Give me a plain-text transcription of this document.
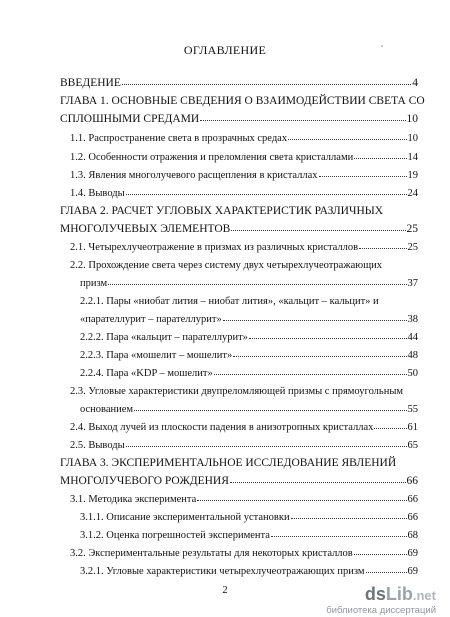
ОГЛАВЛЕНИЕ
ВВЕДЕНИЕ	4
ГЛАВА 1. ОСНОВНЫЕ СВЕДЕНИЯ О ВЗАИМОДЕЙСТВИИ СВЕТА СО
СПЛОШНЫМИ СРЕДАМИ	10
1.1. Распространение света в прозрачных средах	10
1.2. Особенности отражения и преломления света кристаллами	14
1.3. Явления многолучевого расщепления в кристаллах	19
1.4. Выводы	24
ГЛАВА 2. РАСЧЕТ УГЛОВЫХ ХАРАКТЕРИСТИК РАЗЛИЧНЫХ
МНОГОЛУЧЕВЫХ ЭЛЕМЕНТОВ	25
2.1. Четырехлучеотражение в призмах из различных кристаллов	25
2.2. Прохождение света через систему двух четырехлучеотражающих
призм	37
2.2.1. Пары «ниобат лития – ниобат лития», «кальцит – кальцит» и
«парателлурит – парателлурит»	38
2.2.2. Пара «кальцит – парателлурит»	44
2.2.3. Пара «мошелит – мошелит»	48
2.2.4. Пара «KDP – мошелит»	50
2.3. Угловые характеристики двупреломляющей призмы с прямоугольным
основанием	55
2.4. Выход лучей из плоскости падения в анизотропных кристаллах	61
2.5. Выводы	65
ГЛАВА 3. ЭКСПЕРИМЕНТАЛЬНОЕ ИССЛЕДОВАНИЕ ЯВЛЕНИЙ
МНОГОЛУЧЕВОГО РОЖДЕНИЯ	66
3.1. Методика эксперимента	66
3.1.1. Описание экспериментальной установки	66
3.1.2. Оценка погрешностей эксперимента	68
3.2. Экспериментальные результаты для некоторых кристаллов	69
3.2.1. Угловые характеристики четырехлучеотражающих призм	69
2	dsLib.net
библиотека диссертаций
